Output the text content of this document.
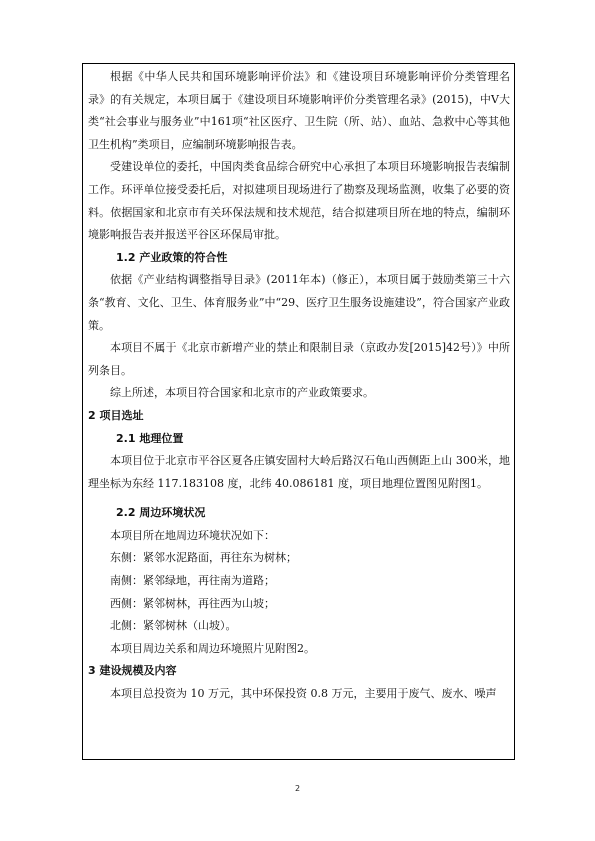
根据《中华人民共和国环境影响评价法》和《建设项目环境影响评价分类管理名录》的有关规定，本项目属于《建设项目环境影响评价分类管理名录》(2015)，中Ⅴ大类“社会事业与服务业”中161项“社区医疗、卫生院（所、站）、血站、急救中心等其他卫生机构”类项目，应编制环境影响报告表。

受建设单位的委托，中国肉类食品综合研究中心承担了本项目环境影响报告表编制工作。环评单位接受委托后，对拟建项目现场进行了勘察及现场监测，收集了必要的资料。依据国家和北京市有关环保法规和技术规范，结合拟建项目所在地的特点，编制环境影响报告表并报送平谷区环保局审批。

1.2 产业政策的符合性

依据《产业结构调整指导目录》(2011年本)（修正），本项目属于鼓励类第三十六条“教育、文化、卫生、体育服务业”中“29、医疗卫生服务设施建设”，符合国家产业政策。

本项目不属于《北京市新增产业的禁止和限制目录（京政办发[2015]42号）》中所列条目。

综上所述，本项目符合国家和北京市的产业政策要求。

2 项目选址

2.1 地理位置

本项目位于北京市平谷区夏各庄镇安固村大岭后路汉石龟山西侧距上山 300米，地理坐标为东经 117.183108 度，北纬 40.086181 度，项目地理位置图见附图1。

2.2 周边环境状况

本项目所在地周边环境状况如下：

东侧：紧邻水泥路面，再往东为树林；

南侧：紧邻绿地，再往南为道路；

西侧：紧邻树林，再往西为山坡；

北侧：紧邻树林（山坡）。

本项目周边关系和周边环境照片见附图2。

3 建设规模及内容

本项目总投资为 10 万元，其中环保投资 0.8 万元，主要用于废气、废水、噪声

2
